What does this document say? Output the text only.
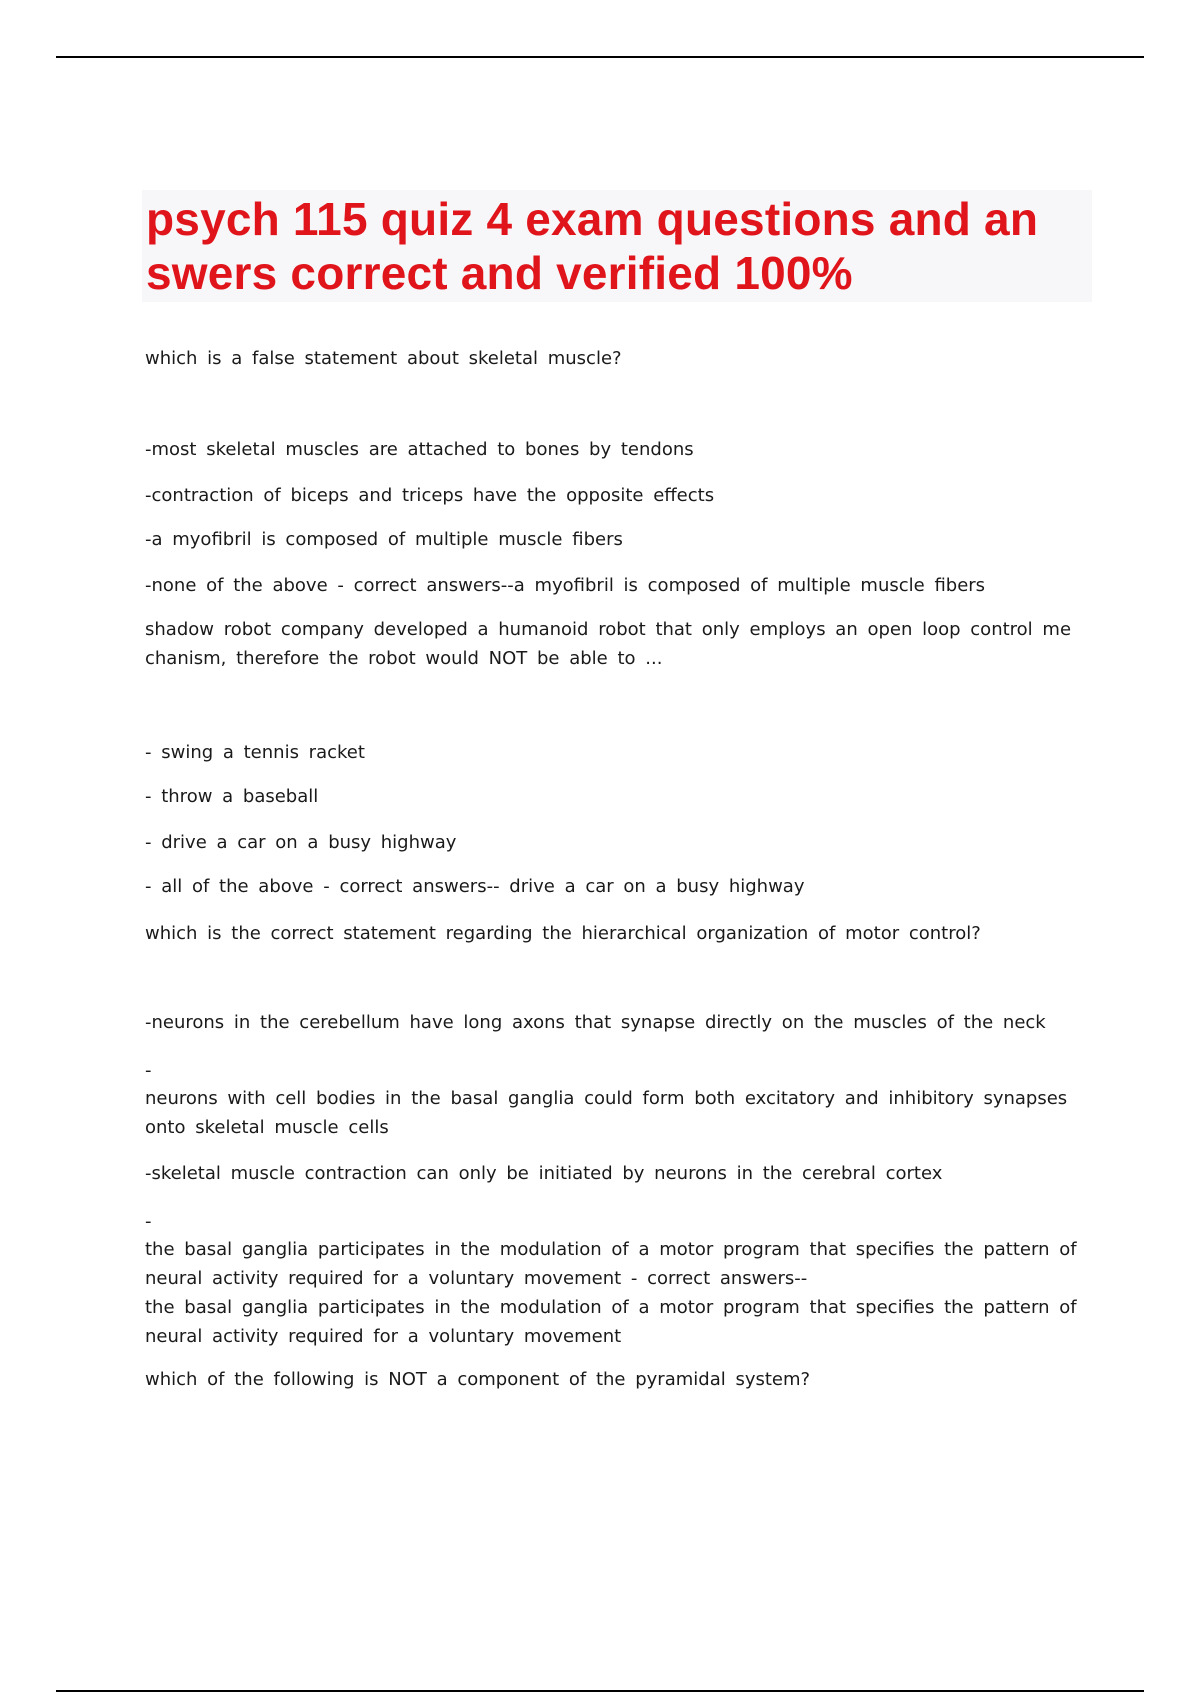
psych 115 quiz 4 exam questions and an swers correct and verified 100%

which is a false statement about skeletal muscle?

-most skeletal muscles are attached to bones by tendons

-contraction of biceps and triceps have the opposite effects

-a myofibril is composed of multiple muscle fibers

-none of the above - correct answers--a myofibril is composed of multiple muscle fibers

shadow robot company developed a humanoid robot that only employs an open loop control me chanism, therefore the robot would NOT be able to ...

- swing a tennis racket

- throw a baseball

- drive a car on a busy highway

- all of the above - correct answers-- drive a car on a busy highway

which is the correct statement regarding the hierarchical organization of motor control?

-neurons in the cerebellum have long axons that synapse directly on the muscles of the neck

-

neurons with cell bodies in the basal ganglia could form both excitatory and inhibitory synapses onto skeletal muscle cells

-skeletal muscle contraction can only be initiated by neurons in the cerebral cortex

-

the basal ganglia participates in the modulation of a motor program that specifies the pattern of neural activity required for a voluntary movement - correct answers--

the basal ganglia participates in the modulation of a motor program that specifies the pattern of neural activity required for a voluntary movement

which of the following is NOT a component of the pyramidal system?
